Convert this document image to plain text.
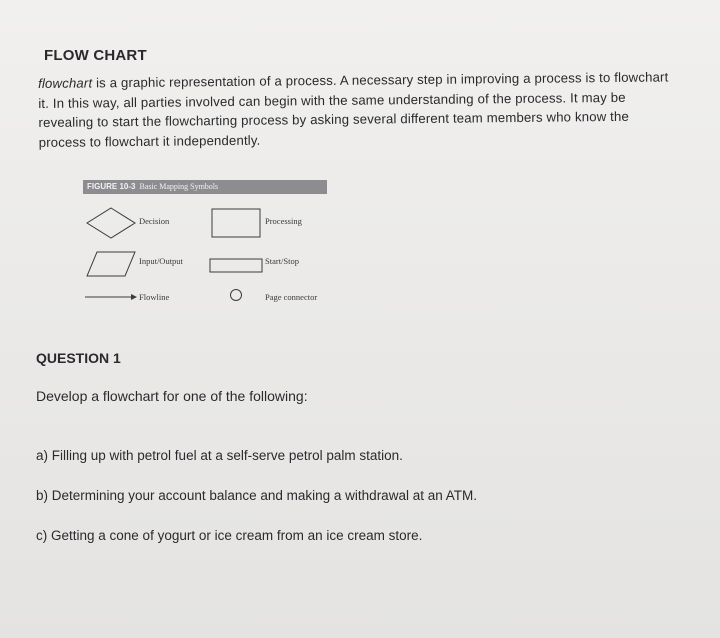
FLOW CHART
flowchart is a graphic representation of a process. A necessary step in improving a process is to flowchart it. In this way, all parties involved can begin with the same understanding of the process. It may be revealing to start the flowcharting process by asking several different team members who know the process to flowchart it independently.
FIGURE 10-3 Basic Mapping Symbols
Decision	Processing
Input/Output	Start/Stop
Flowline	Page connector
QUESTION 1
Develop a flowchart for one of the following:
a) Filling up with petrol fuel at a self-serve petrol palm station.
b) Determining your account balance and making a withdrawal at an ATM.
c) Getting a cone of yogurt or ice cream from an ice cream store.
